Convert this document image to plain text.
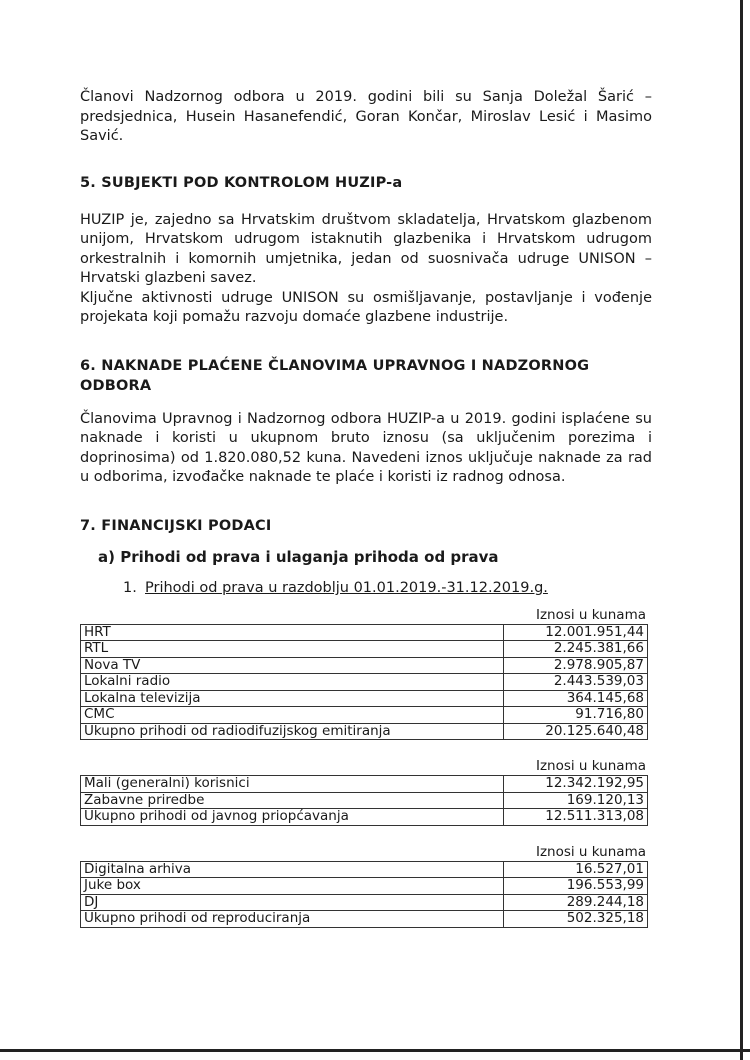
Članovi Nadzornog odbora u 2019. godini bili su Sanja Doležal Šarić – predsjednica, Husein Hasanefendić, Goran Končar, Miroslav Lesić i Masimo Savić.

5. SUBJEKTI POD KONTROLOM HUZIP-a

HUZIP je, zajedno sa Hrvatskim društvom skladatelja, Hrvatskom glazbenom unijom, Hrvatskom udrugom istaknutih glazbenika i Hrvatskom udrugom orkestralnih i komornih umjetnika, jedan od suosnivača udruge UNISON – Hrvatski glazbeni savez.

Ključne aktivnosti udruge UNISON su osmišljavanje, postavljanje i vođenje projekata koji pomažu razvoju domaće glazbene industrije.

6. NAKNADE PLAĆENE ČLANOVIMA UPRAVNOG I NADZORNOG ODBORA

Članovima Upravnog i Nadzornog odbora HUZIP-a u 2019. godini isplaćene su naknade i koristi u ukupnom bruto iznosu (sa uključenim porezima i doprinosima) od 1.820.080,52 kuna. Navedeni iznos uključuje naknade za rad u odborima, izvođačke naknade te plaće i koristi iz radnog odnosa.

7. FINANCIJSKI PODACI

a) Prihodi od prava i ulaganja prihoda od prava

1. Prihodi od prava u razdoblju 01.01.2019.-31.12.2019.g.

Iznosi u kunama
HRT	12.001.951,44
RTL	2.245.381,66
Nova TV	2.978.905,87
Lokalni radio	2.443.539,03
Lokalna televizija	364.145,68
CMC	91.716,80
Ukupno prihodi od radiodifuzijskog emitiranja	20.125.640,48
Iznosi u kunama
Mali (generalni) korisnici	12.342.192,95
Zabavne priredbe	169.120,13
Ukupno prihodi od javnog priopćavanja	12.511.313,08
Iznosi u kunama
Digitalna arhiva	16.527,01
Juke box	196.553,99
DJ	289.244,18
Ukupno prihodi od reproduciranja	502.325,18
